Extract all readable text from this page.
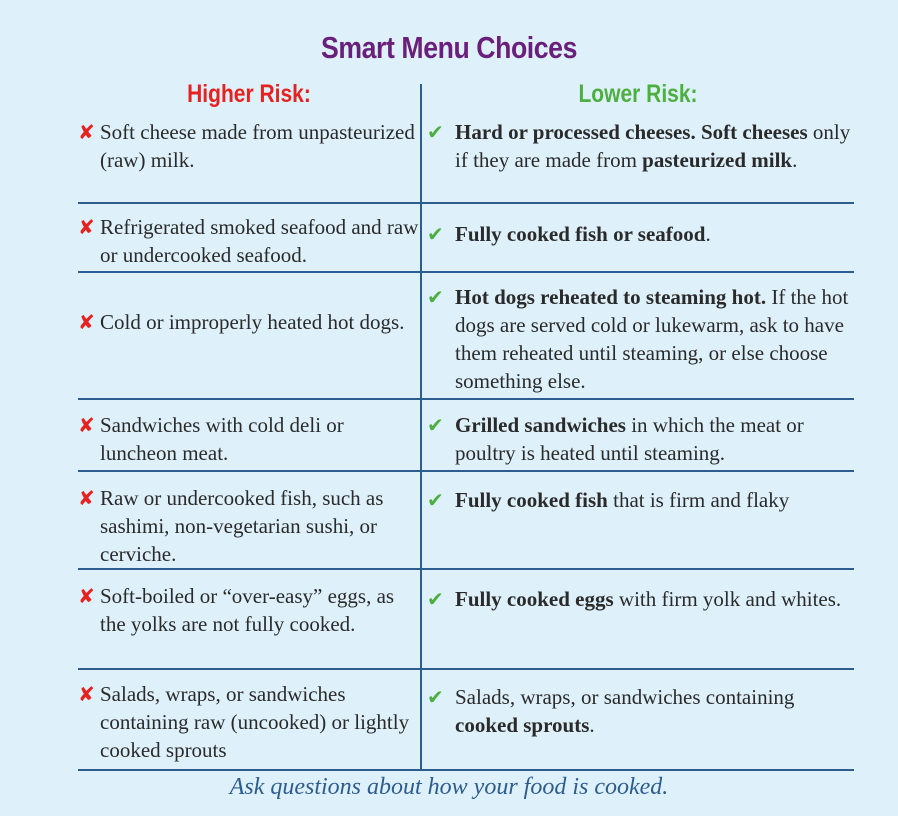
Smart Menu Choices
Higher Risk:	Lower Risk:
✘ Soft cheese made from unpasteurized (raw) milk.
✔ Hard or processed cheeses. Soft cheeses only if they are made from pasteurized milk.
✘ Refrigerated smoked seafood and raw or undercooked seafood.
✔ Fully cooked fish or seafood.
✘ Cold or improperly heated hot dogs.
✔ Hot dogs reheated to steaming hot. If the hot dogs are served cold or lukewarm, ask to have them reheated until steaming, or else choose something else.
✘ Sandwiches with cold deli or luncheon meat.
✔ Grilled sandwiches in which the meat or poultry is heated until steaming.
✘ Raw or undercooked fish, such as sashimi, non-vegetarian sushi, or cerviche.
✔ Fully cooked fish that is firm and flaky
✘ Soft-boiled or “over-easy” eggs, as the yolks are not fully cooked.
✔ Fully cooked eggs with firm yolk and whites.
✘ Salads, wraps, or sandwiches containing raw (uncooked) or lightly cooked sprouts
✔ Salads, wraps, or sandwiches containing cooked sprouts.
Ask questions about how your food is cooked.
